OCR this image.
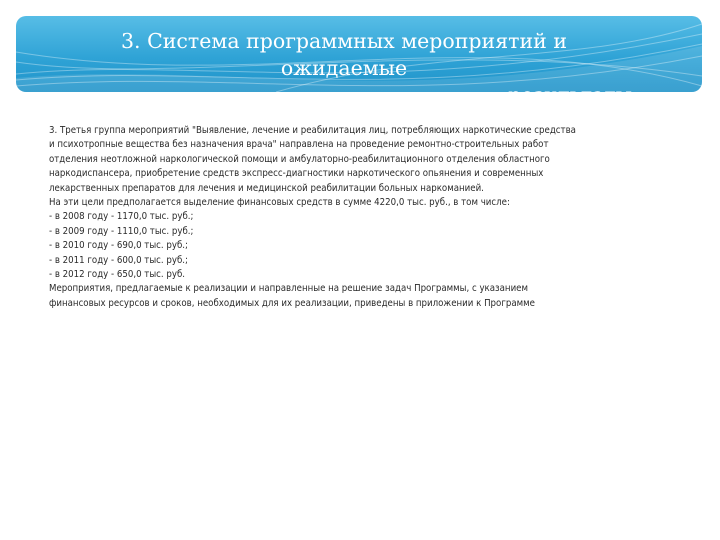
3. Система программных мероприятий и ожидаемые
результаты
3. Третья группа мероприятий "Выявление, лечение и реабилитация лиц, потребляющих наркотические средства
и психотропные вещества без назначения врача" направлена на проведение ремонтно-строительных работ
отделения неотложной наркологической помощи и амбулаторно-реабилитационного отделения областного
наркодиспансера, приобретение средств экспресс-диагностики наркотического опьянения и современных
лекарственных препаратов для лечения и медицинской реабилитации больных наркоманией.
На эти цели предполагается выделение финансовых средств в сумме 4220,0 тыс. руб., в том числе:
- в 2008 году - 1170,0 тыс. руб.;
- в 2009 году - 1110,0 тыс. руб.;
- в 2010 году - 690,0 тыс. руб.;
- в 2011 году - 600,0 тыс. руб.;
- в 2012 году - 650,0 тыс. руб.
Мероприятия, предлагаемые к реализации и направленные на решение задач Программы, с указанием
финансовых ресурсов и сроков, необходимых для их реализации, приведены в приложении к Программе
